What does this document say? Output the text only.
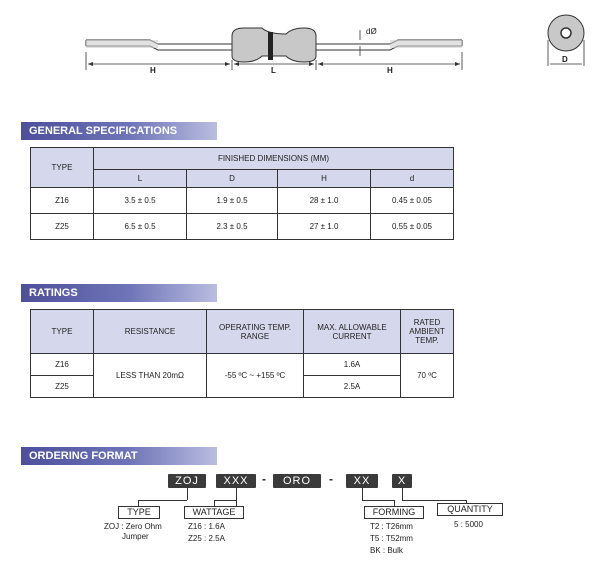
H	L	H
dØ
D
GENERAL SPECIFICATIONS
TYPE	FINISHED DIMENSIONS (MM)			
	L	D	H	d
Z16	3.5 ± 0.5	1.9 ± 0.5	28 ± 1.0	0.45 ± 0.05
Z25	6.5 ± 0.5	2.3 ± 0.5	27 ± 1.0	0.55 ± 0.05
RATINGS
TYPE	RESISTANCE	OPERATING TEMP. RANGE	MAX. ALLOWABLE CURRENT	RATED AMBIENT TEMP.
Z16	LESS THAN 20mΩ	-55 ºC ~ +155 ºC	1.6A	70 ºC
Z25			2.5A	
ORDERING FORMAT
ZOJ	XXX	-	ORO	-	XX	X
TYPE	WATTAGE	FORMING	QUANTITY
ZOJ : Zero Ohm
Jumper
Z16 : 1.6A
Z25 : 2.5A
T2 : T26mm
T5 : T52mm
BK : Bulk
5 : 5000
